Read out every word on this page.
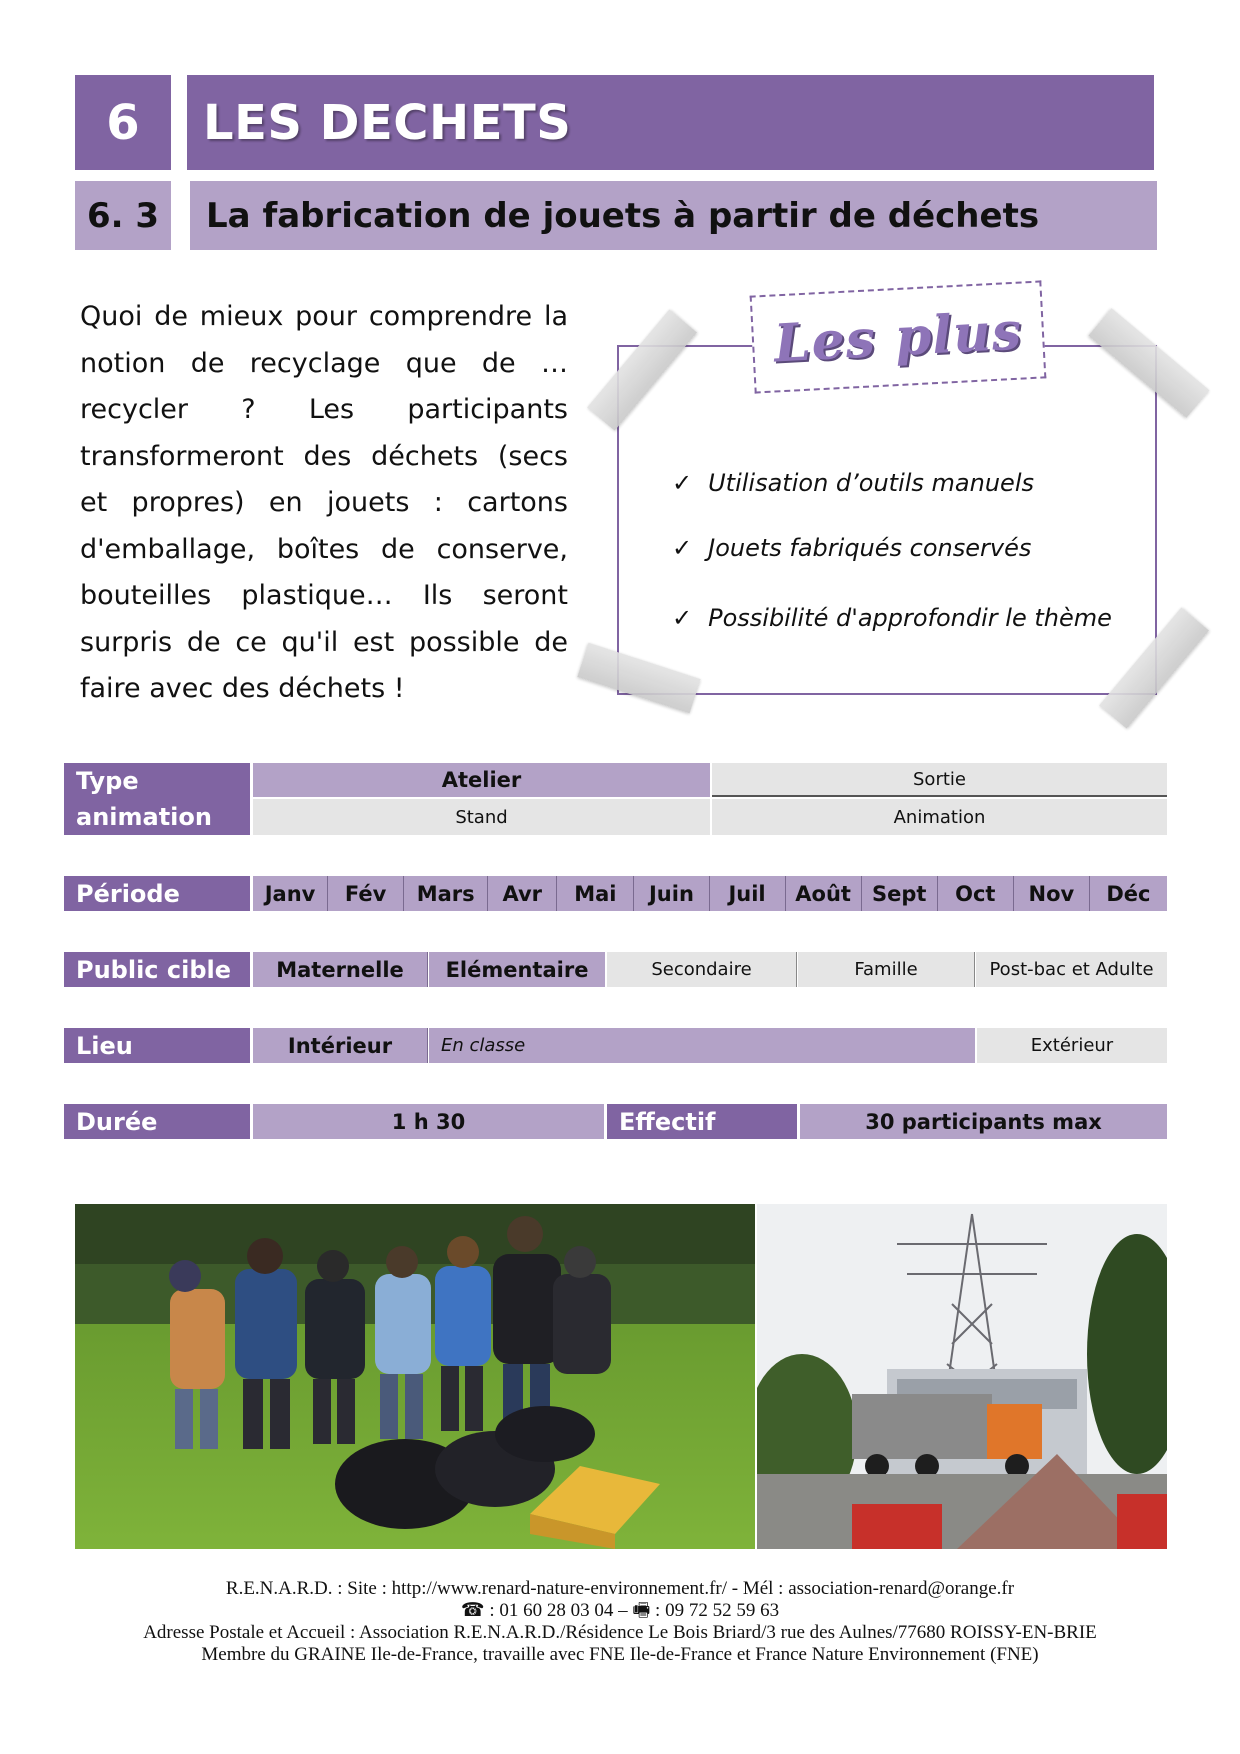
6	LES DECHETS
6. 3	La fabrication de jouets à partir de déchets
Quoi de mieux pour comprendre la notion de recyclage que de … recycler ? Les participants transformeront des déchets (secs et propres) en jouets : cartons d'emballage, boîtes de conserve, bouteilles plastique… Ils seront surpris de ce qu'il est possible de faire avec des déchets !
Les plus
✓ Utilisation d’outils manuels
✓ Jouets fabriqués conservés
✓ Possibilité d'approfondir le thème
Type animation
Atelier	Sortie
Stand	Animation
Période	Janv	Fév	Mars	Avr	Mai	Juin	Juil	Août	Sept	Oct	Nov	Déc
Public cible	Maternelle	Elémentaire	Secondaire	Famille	Post-bac et Adulte
Lieu	Intérieur	En classe	Extérieur
Durée	1 h 30	Effectif	30 participants max
R.E.N.A.R.D. : Site : http://www.renard-nature-environnement.fr/ - Mél : association-renard@orange.fr
☎ : 01 60 28 03 04 – 🖷 : 09 72 52 59 63
Adresse Postale et Accueil : Association R.E.N.A.R.D./Résidence Le Bois Briard/3 rue des Aulnes/77680 ROISSY-EN-BRIE
Membre du GRAINE Ile-de-France, travaille avec FNE Ile-de-France et France Nature Environnement (FNE)
